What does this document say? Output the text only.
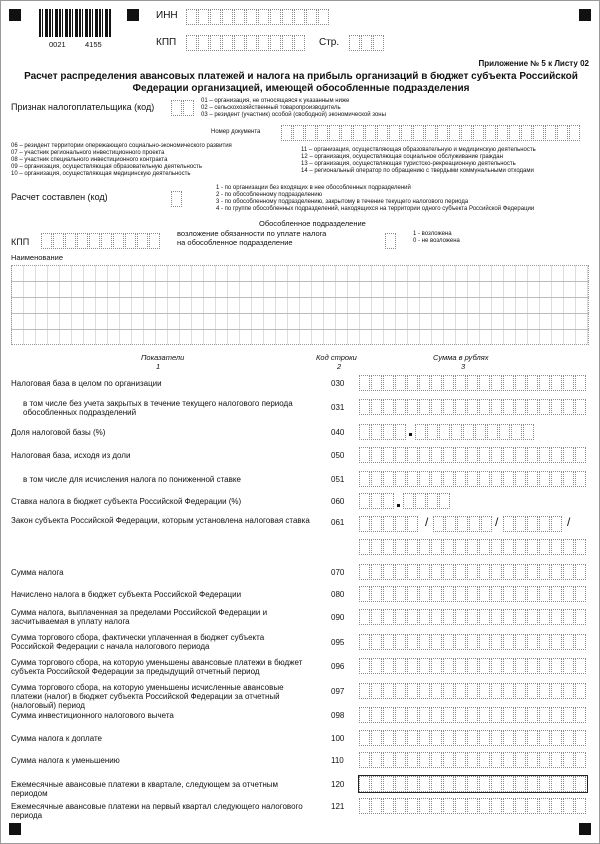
0021	4155
ИНН
КПП	Стр.
Приложение № 5 к Листу 02
Расчет распределения авансовых платежей и налога на прибыль организаций в бюджет субъекта Российской
Федерации организацией, имеющей обособленные подразделения
Признак налогоплательщика (код)
01 – организация, не относящаяся к указанным ниже
02 – сельскохозяйственный товаропроизводитель
03 – резидент (участник) особой (свободной) экономической зоны
Номер документа
06 – резидент территории опережающего социально-экономического развития
07 – участник регионального инвестиционного проекта
08 – участник специального инвестиционного контракта
09 – организация, осуществляющая образовательную деятельность
10 – организация, осуществляющая медицинскую деятельность
11 – организация, осуществляющая образовательную и медицинскую деятельность
12 – организация, осуществляющая социальное обслуживание граждан
13 – организация, осуществляющая туристско-рекреационную деятельность
14 – региональный оператор по обращению с твердыми коммунальными отходами
Расчет составлен (код)
1 - по организации без входящих в нее обособленных подразделений
2 - по обособленному подразделению
3 - по обособленному подразделению, закрытому в течение текущего налогового периода
4 - по группе обособленных подразделений, находящихся на территории одного субъекта Российской Федерации
Обособленное подразделение
КПП
возложение обязанности по уплате налога
на обособленное подразделение
1 - возложена
0 - не возложена
Наименование
Показатели
1
Код строки
2
Сумма в рублях
3
Налоговая база в целом по организации	030
в том числе без учета закрытых в течение текущего налогового периода обособленных подразделений
031
Доля налоговой базы (%)	040
Налоговая база, исходя из доли	050
в том числе для исчисления налога по пониженной ставке	051
Ставка налога в бюджет субъекта Российской Федерации (%)	060
Закон субъекта Российской Федерации, которым установлена налоговая ставка	061	/	/	/
Сумма налога	070
Начислено налога в бюджет субъекта Российской Федерации	080
Сумма налога, выплаченная за пределами Российской Федерации и засчитываемая в уплату налога	090
Сумма торгового сбора, фактически уплаченная в бюджет субъекта Российской Федерации с начала налогового периода	095
Сумма торгового сбора, на которую уменьшены авансовые платежи в бюджет субъекта Российской Федерации за предыдущий отчетный период
096
Сумма торгового сбора, на которую уменьшены исчисленные авансовые платежи (налог) в бюджет субъекта Российской Федерации за отчетный (налоговый) период
097
Сумма инвестиционного налогового вычета	098
Сумма налога к доплате	100
Сумма налога к уменьшению	110
Ежемесячные авансовые платежи в квартале, следующем за отчетным периодом
120
Ежемесячные авансовые платежи на первый квартал следующего налогового периода
121
